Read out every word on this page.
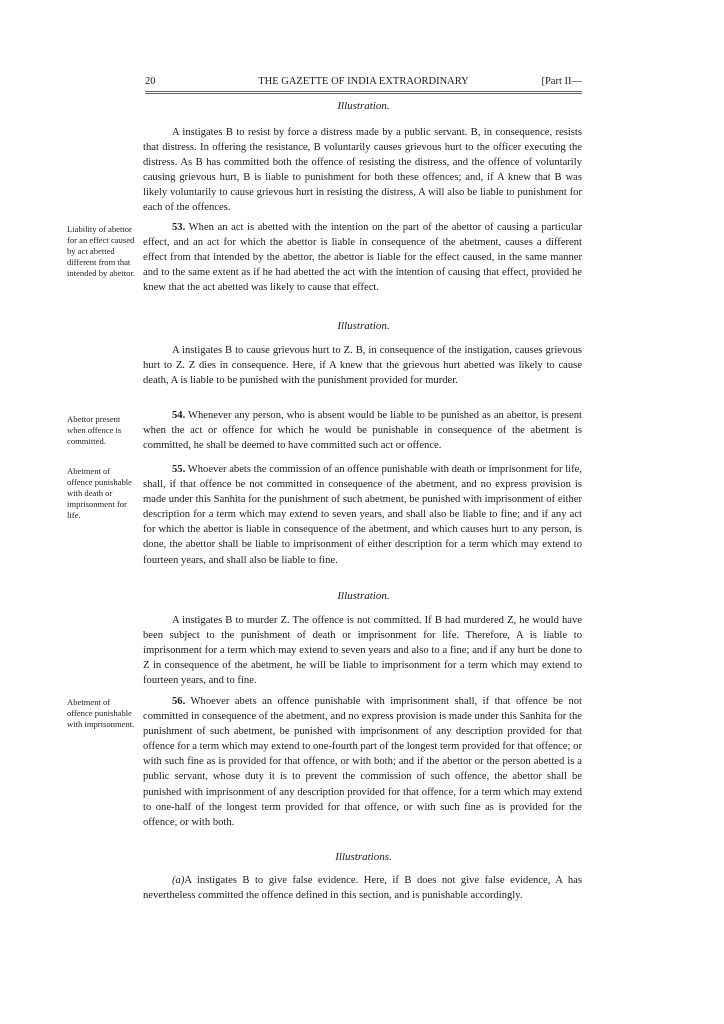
20	THE GAZETTE OF INDIA EXTRAORDINARY	[Part II—
Illustration.

A instigates B to resist by force a distress made by a public servant. B, in consequence, resists that distress. In offering the resistance, B voluntarily causes grievous hurt to the officer executing the distress. As B has committed both the offence of resisting the distress, and the offence of voluntarily causing grievous hurt, B is liable to punishment for both these offences; and, if A knew that B was likely voluntarily to cause grievous hurt in resisting the distress, A will also be liable to punishment for each of the offences.

Liability of abettor for an effect caused by act abetted different from that intended by abettor.

53. When an act is abetted with the intention on the part of the abettor of causing a particular effect, and an act for which the abettor is liable in consequence of the abetment, causes a different effect from that intended by the abettor, the abettor is liable for the effect caused, in the same manner and to the same extent as if he had abetted the act with the intention of causing that effect, provided he knew that the act abetted was likely to cause that effect.

Illustration.

A instigates B to cause grievous hurt to Z. B, in consequence of the instigation, causes grievous hurt to Z. Z dies in consequence. Here, if A knew that the grievous hurt abetted was likely to cause death, A is liable to be punished with the punishment provided for murder.

Abettor present when offence is committed.

54. Whenever any person, who is absent would be liable to be punished as an abettor, is present when the act or offence for which he would be punishable in consequence of the abetment is committed, he shall be deemed to have committed such act or offence.

Abetment of offence punishable with death or imprisonment for life.

55. Whoever abets the commission of an offence punishable with death or imprisonment for life, shall, if that offence be not committed in consequence of the abetment, and no express provision is made under this Sanhita for the punishment of such abetment, be punished with imprisonment of either description for a term which may extend to seven years, and shall also be liable to fine; and if any act for which the abettor is liable in consequence of the abetment, and which causes hurt to any person, is done, the abettor shall be liable to imprisonment of either description for a term which may extend to fourteen years, and shall also be liable to fine.

Illustration.

A instigates B to murder Z. The offence is not committed. If B had murdered Z, he would have been subject to the punishment of death or imprisonment for life. Therefore, A is liable to imprisonment for a term which may extend to seven years and also to a fine; and if any hurt be done to Z in consequence of the abetment, he will be liable to imprisonment for a term which may extend to fourteen years, and to fine.

Abetment of offence punishable with imprisonment.

56. Whoever abets an offence punishable with imprisonment shall, if that offence be not committed in consequence of the abetment, and no express provision is made under this Sanhita for the punishment of such abetment, be punished with imprisonment of any description provided for that offence for a term which may extend to one-fourth part of the longest term provided for that offence; or with such fine as is provided for that offence, or with both; and if the abettor or the person abetted is a public servant, whose duty it is to prevent the commission of such offence, the abettor shall be punished with imprisonment of any description provided for that offence, for a term which may extend to one-half of the longest term provided for that offence, or with such fine as is provided for the offence, or with both.

Illustrations.

(a)A instigates B to give false evidence. Here, if B does not give false evidence, A has nevertheless committed the offence defined in this section, and is punishable accordingly.
